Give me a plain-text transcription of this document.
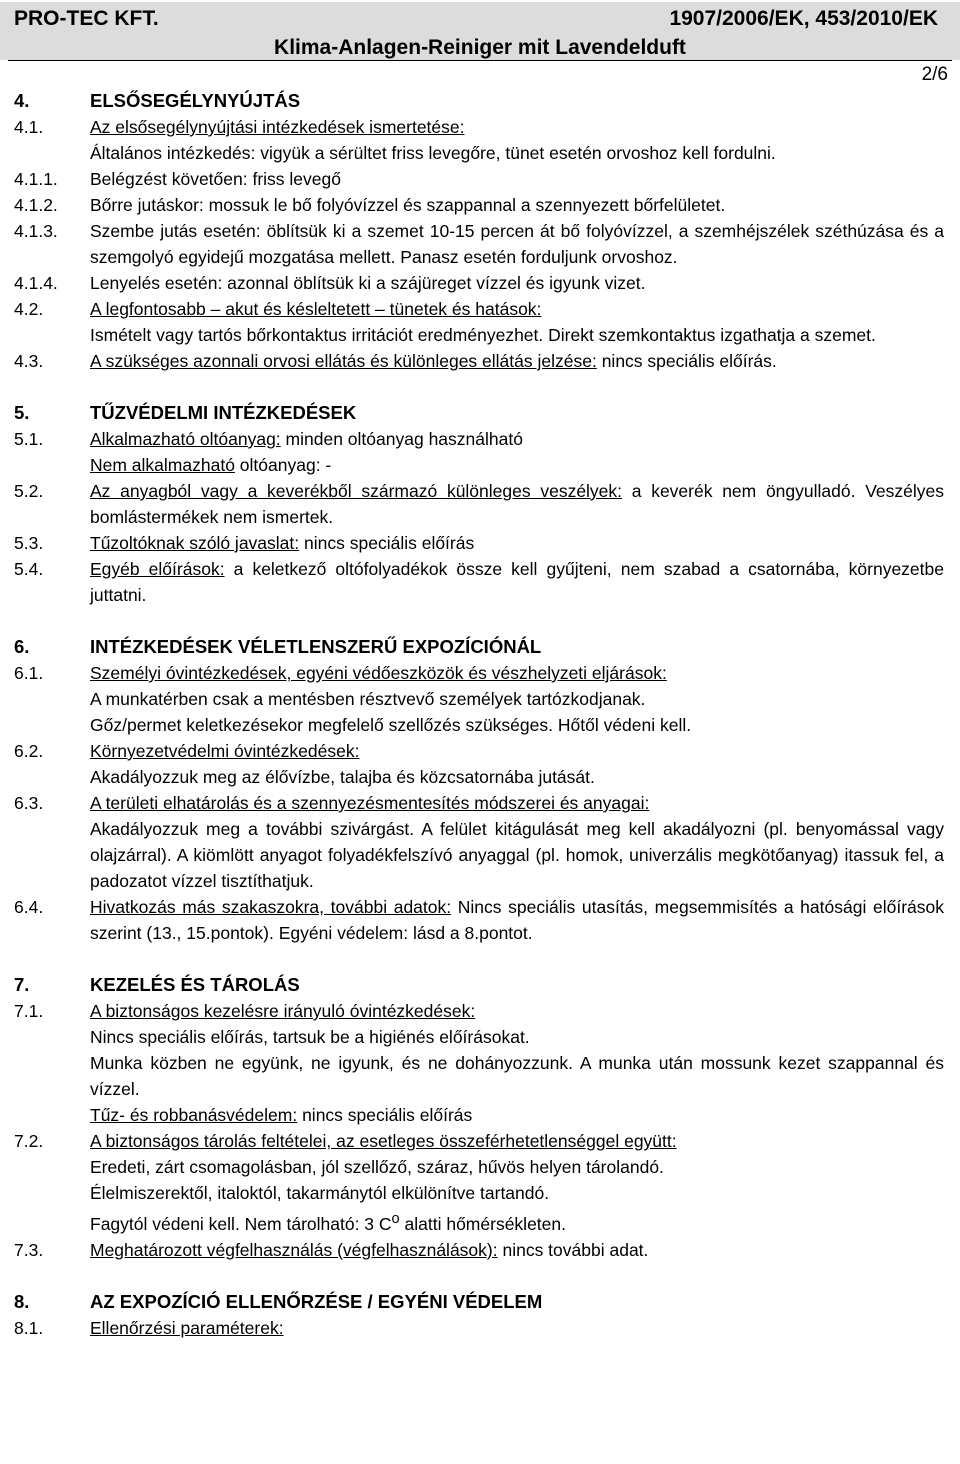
PRO-TEC KFT.	1907/2006/EK, 453/2010/EK
Klima-Anlagen-Reiniger mit Lavendelduft
2/6
4.	ELSŐSEGÉLYNYÚJTÁS
4.1.	Az elsősegélynyújtási intézkedések ismertetése:
Általános intézkedés: vigyük a sérültet friss levegőre, tünet esetén orvoshoz kell fordulni.
4.1.1. Belégzést követően: friss levegő
4.1.2. Bőrre jutáskor: mossuk le bő folyóvízzel és szappannal a szennyezett bőrfelületet.
4.1.3. Szembe jutás esetén: öblítsük ki a szemet 10-15 percen át bő folyóvízzel, a szemhéjszélek széthúzása és a szemgolyó egyidejű mozgatása mellett. Panasz esetén forduljunk orvoshoz.
4.1.4. Lenyelés esetén: azonnal öblítsük ki a szájüreget vízzel és igyunk vizet.
4.2.	A legfontosabb – akut és késleltetett – tünetek és hatások:
Ismételt vagy tartós bőrkontaktus irritációt eredményezhet. Direkt szemkontaktus izgathatja a szemet.
4.3.	A szükséges azonnali orvosi ellátás és különleges ellátás jelzése: nincs speciális előírás.
5.	TŰZVÉDELMI INTÉZKEDÉSEK
5.1.	Alkalmazható oltóanyag: minden oltóanyag használható
Nem alkalmazható oltóanyag: -
5.2.	Az anyagból vagy a keverékből származó különleges veszélyek: a keverék nem öngyulladó. Veszélyes bomlástermékek nem ismertek.
5.3.	Tűzoltóknak szóló javaslat: nincs speciális előírás
5.4.	Egyéb előírások: a keletkező oltófolyadékok össze kell gyűjteni, nem szabad a csatornába, környezetbe juttatni.
6.	INTÉZKEDÉSEK VÉLETLENSZERŰ EXPOZÍCIÓNÁL
6.1.	Személyi óvintézkedések, egyéni védőeszközök és vészhelyzeti eljárások:
A munkatérben csak a mentésben résztvevő személyek tartózkodjanak.
Gőz/permet keletkezésekor megfelelő szellőzés szükséges. Hőtől védeni kell.
6.2.	Környezetvédelmi óvintézkedések:
Akadályozzuk meg az élővízbe, talajba és közcsatornába jutását.
6.3.	A területi elhatárolás és a szennyezésmentesítés módszerei és anyagai:
Akadályozzuk meg a további szivárgást. A felület kitágulását meg kell akadályozni (pl. benyomással vagy olajzárral). A kiömlött anyagot folyadékfelszívó anyaggal (pl. homok, univerzális megkötőanyag) itassuk fel, a padozatot vízzel tisztíthatjuk.
6.4.	Hivatkozás más szakaszokra, további adatok: Nincs speciális utasítás, megsemmisítés a hatósági előírások szerint (13., 15.pontok). Egyéni védelem: lásd a 8.pontot.
7.	KEZELÉS ÉS TÁROLÁS
7.1.	A biztonságos kezelésre irányuló óvintézkedések:
Nincs speciális előírás, tartsuk be a higiénés előírásokat.
Munka közben ne együnk, ne igyunk, és ne dohányozzunk. A munka után mossunk kezet szappannal és vízzel.
Tűz- és robbanásvédelem: nincs speciális előírás
7.2.	A biztonságos tárolás feltételei, az esetleges összeférhetetlenséggel együtt:
Eredeti, zárt csomagolásban, jól szellőző, száraz, hűvös helyen tárolandó.
Élelmiszerektől, italoktól, takarmánytól elkülönítve tartandó.
Fagytól védeni kell. Nem tárolható: 3 $C^o$ alatti hőmérsékleten.
7.3.	Meghatározott végfelhasználás (végfelhasználások): nincs további adat.
8.	AZ EXPOZÍCIÓ ELLENŐRZÉSE / EGYÉNI VÉDELEM
8.1.	Ellenőrzési paraméterek:
